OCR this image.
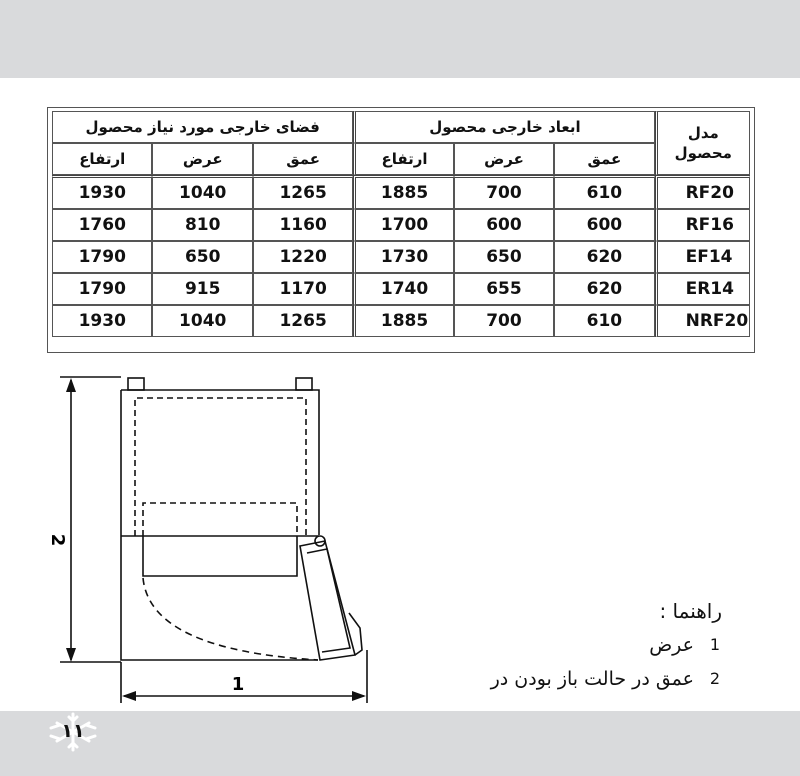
مدل محصول	ابعاد خارجی محصول			فضای خارجی مورد نیاز محصول		
	عمق	عرض	ارتفاع	عمق	عرض	ارتفاع
RF20	610	700	1885	1265	1040	1930
RF16	600	600	1700	1160	810	1760
EF14	620	650	1730	1220	650	1790
ER14	620	655	1740	1170	915	1790
NRF20	610	700	1885	1265	1040	1930
1
2
راهنما :
1
عرض
2
عمق در حالت باز بودن در
۱۱
